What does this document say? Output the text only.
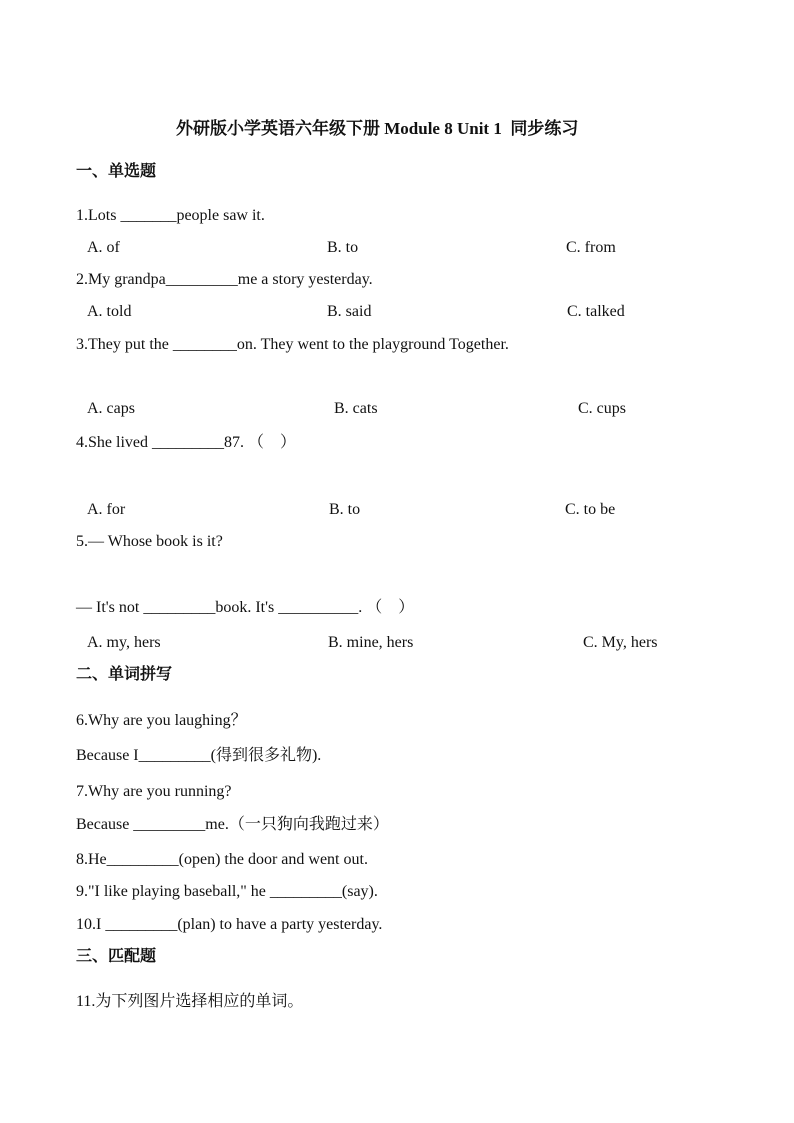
外研版小学英语六年级下册 Module 8 Unit 1  同步练习
一、单选题
1.Lots _______people saw it.
A. of	B. to	C. from
2.My grandpa_________me a story yesterday.
A. told	B. said	C. talked
3.They put the ________on. They went to the playground Together.
A. caps	B. cats	C. cups
4.She lived _________87. （    ）
A. for	B. to	C. to be
5.— Whose book is it?
— It's not _________book. It's __________. （    ）
A. my, hers	B. mine, hers	C. My, hers
二、单词拼写
6.Why are you laughing？
Because I_________(得到很多礼物).
7.Why are you running?
Because _________me.（一只狗向我跑过来）
8.He_________(open) the door and went out.
9."I like playing baseball," he _________(say).
10.I _________(plan) to have a party yesterday.
三、匹配题
11.为下列图片选择相应的单词。
